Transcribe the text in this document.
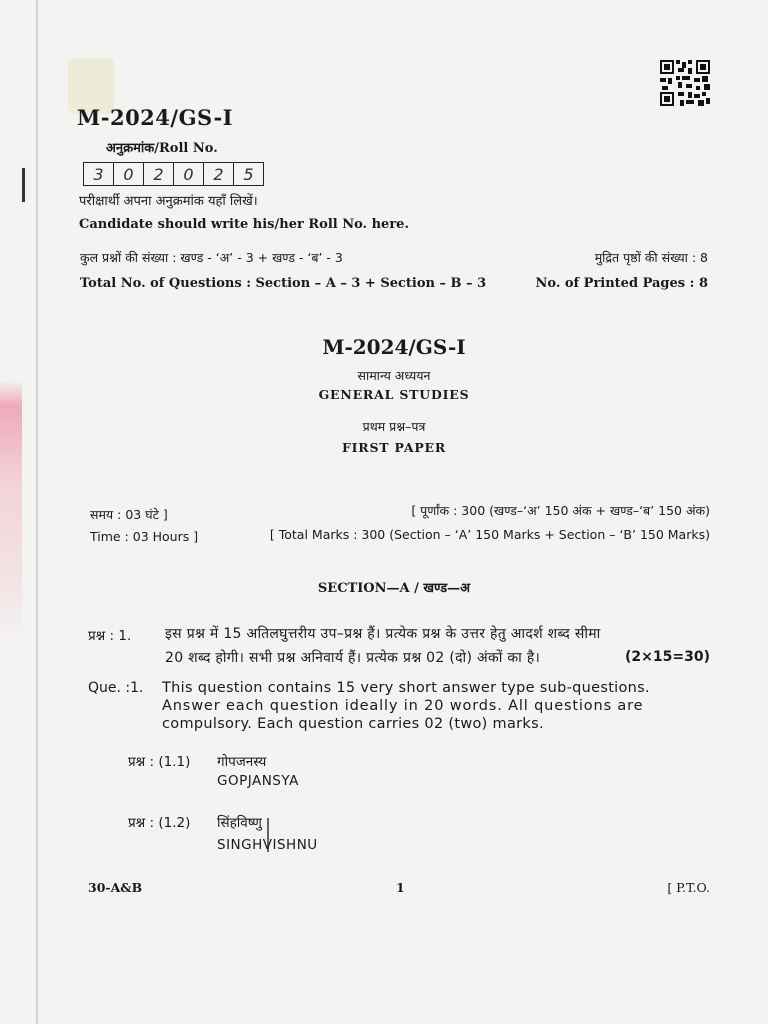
M-2024/GS-I
अनुक्रमांक/Roll No.
3	0	2	0	2	5
परीक्षार्थी अपना अनुक्रमांक यहाँ लिखें।
Candidate should write his/her Roll No. here.
कुल प्रश्नों की संख्या : खण्ड - ‘अ’ - 3 + खण्ड - ‘ब’ - 3	मुद्रित पृष्ठों की संख्या : 8
Total No. of Questions : Section – A – 3 + Section – B – 3	No. of Printed Pages : 8
M-2024/GS-I
सामान्य अध्ययन
GENERAL STUDIES
प्रथम प्रश्न–पत्र
FIRST PAPER
समय : 03 घंटे ]	[ पूर्णांक : 300 (खण्ड–‘अ’ 150 अंक + खण्ड–‘ब’ 150 अंक)
Time : 03 Hours ]	[ Total Marks : 300 (Section – ‘A’ 150 Marks + Section – ‘B’ 150 Marks)
SECTION—A / खण्ड—अ
प्रश्न : 1. इस प्रश्न में 15 अतिलघुत्तरीय उप–प्रश्न हैं। प्रत्येक प्रश्न के उत्तर हेतु आदर्श शब्द सीमा
20 शब्द होगी। सभी प्रश्न अनिवार्य हैं। प्रत्येक प्रश्न 02 (दो) अंकों का है।	(2×15=30)
Que. :1. This question contains 15 very short answer type sub-questions.
Answer each question ideally in 20 words. All questions are
compulsory. Each question carries 02 (two) marks.
प्रश्न : (1.1) गोपजनस्य
GOPJANSYA
प्रश्न : (1.2) सिंहविष्णु
SINGHVISHNU
30-A&B	1	[ P.T.O.
